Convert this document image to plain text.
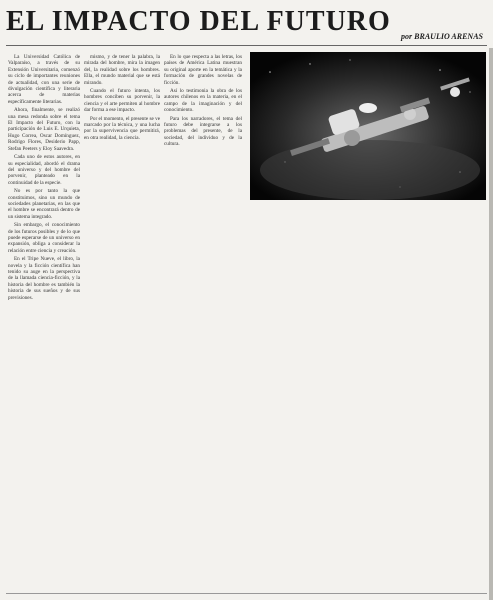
EL IMPACTO DEL FUTURO	por BRAULIO ARENAS

La Universidad Católica de Valparaíso, a través de su Extensión Universitaria, comenzó su ciclo de importantes reuniones de actualidad, con una serie de divulgación científica y literaria acerca de materias específicamente literarias.

Ahora, finalmente, se realizó una mesa redonda sobre el tema El Impacto del Futuro, con la participación de Luis E. Urquieta, Hugo Correa, Oscar Domínguez, Rodrigo Flores, Desiderio Papp, Stefan Peeters y Eloy Saavedra.

Cada uno de estos autores, en su especialidad, abordó el drama del universo y del hombre del porvenir, planteado en la continuidad de la especie.

No es por tanto la que constituimos, sino un mundo de sociedades planetarias, en las que el hombre se encontrará dentro de un sistema integrado.

Sin embargo, el conocimiento de los futuros posibles y de lo que puede esperarse de un universo en expansión, obliga a considerar la relación entre ciencia y creación.

En el Tripe Nueve, el libro, la novela y la ficción científica han tenido su auge en la perspectiva de la llamada ciencia-ficción, y la historia del hombre es también la historia de sus sueños y de sus previsiones.

mismo, y de tener la palabra, la mirada del hombre, mira la imagen del, la realidad sobre los hombres. Ella, el mundo material que se está mirando.

Cuando el futuro intenta, los hombres conciben su porvenir, la ciencia y el arte permiten al hombre dar forma a ese impacto.

Por el momento, el presente se ve marcado por la técnica, y una lucha por la supervivencia que permitirá, en otra realidad, la ciencia.

En lo que respecta a las letras, los países de América Latina muestran su original aporte en la temática y la formación de grandes novelas de ficción.

Así lo testimonia la obra de los autores chilenos en la materia, en el campo de la imaginación y del conocimiento.

Para los narradores, el tema del futuro debe integrarse a los problemas del presente, de la sociedad, del individuo y de la cultura.
